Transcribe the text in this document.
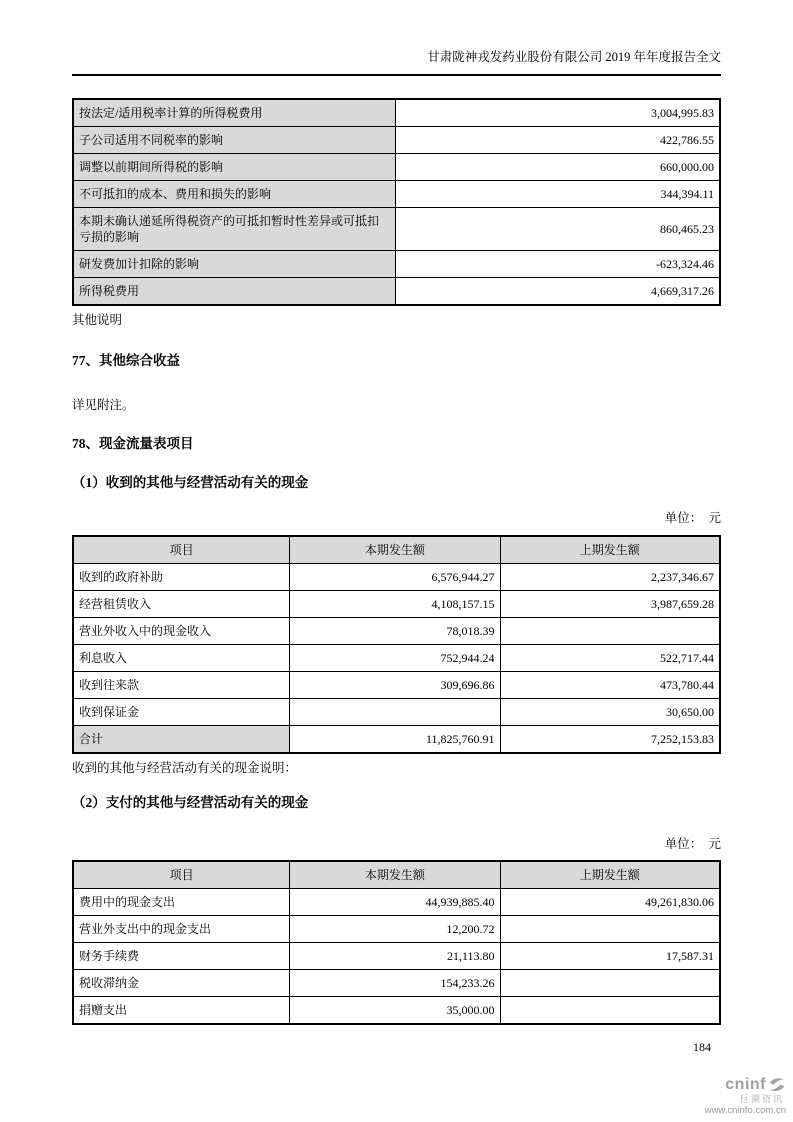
甘肃陇神戎发药业股份有限公司 2019 年年度报告全文
按法定/适用税率计算的所得税费用	3,004,995.83
子公司适用不同税率的影响	422,786.55
调整以前期间所得税的影响	660,000.00
不可抵扣的成本、费用和损失的影响	344,394.11
本期未确认递延所得税资产的可抵扣暂时性差异或可抵扣亏损的影响	860,465.23
研发费加计扣除的影响	-623,324.46
所得税费用	4,669,317.26
其他说明
77、其他综合收益
详见附注。
78、现金流量表项目
（1）收到的其他与经营活动有关的现金
单位：　元
项目	本期发生额	上期发生额
收到的政府补助	6,576,944.27	2,237,346.67
经营租赁收入	4,108,157.15	3,987,659.28
营业外收入中的现金收入	78,018.39	
利息收入	752,944.24	522,717.44
收到往来款	309,696.86	473,780.44
收到保证金		30,650.00
合计	11,825,760.91	7,252,153.83
收到的其他与经营活动有关的现金说明：
（2）支付的其他与经营活动有关的现金
单位：　元
项目	本期发生额	上期发生额
费用中的现金支出	44,939,885.40	49,261,830.06
营业外支出中的现金支出	12,200.72	
财务手续费	21,113.80	17,587.31
税收滞纳金	154,233.26	
捐赠支出	35,000.00	
184
cninf
巨潮资讯
www.cninfo.com.cn
